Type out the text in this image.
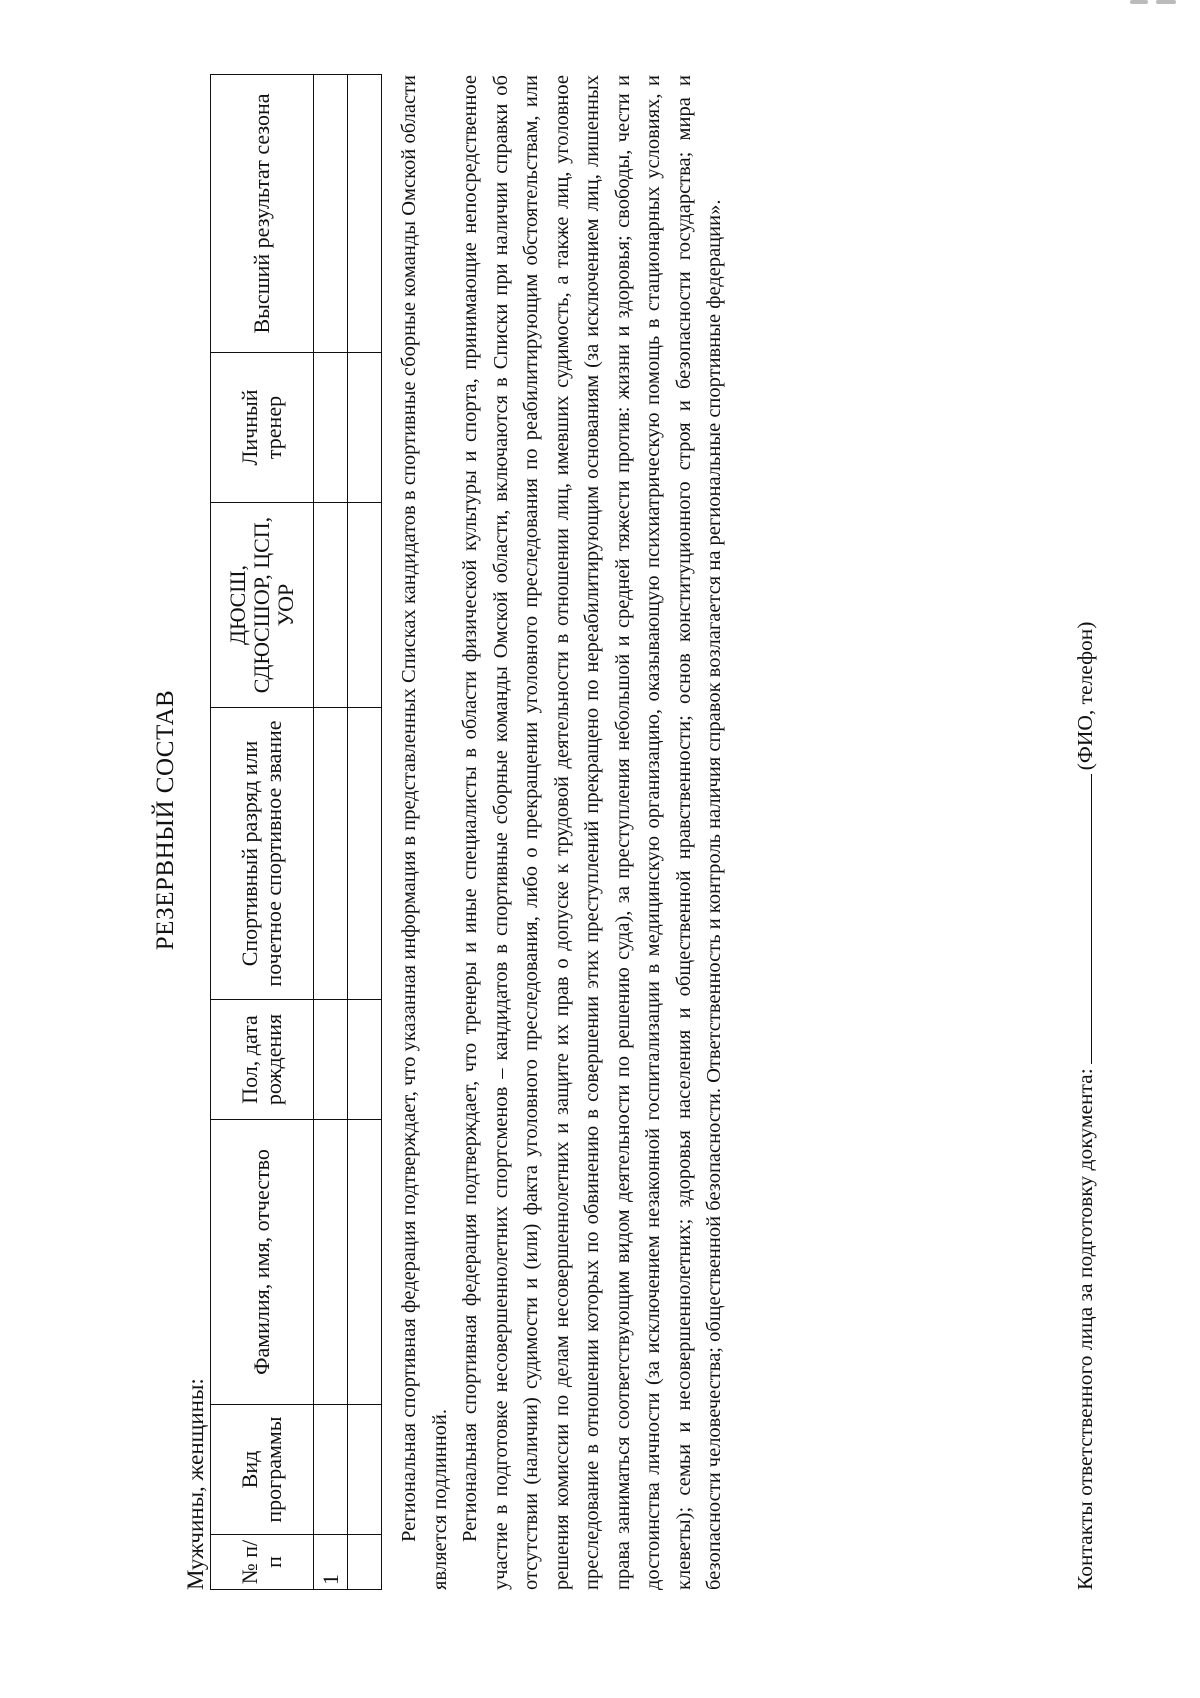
РЕЗЕРВНЫЙ СОСТАВ
Мужчины, женщины: № п/п	Вид программы	Фамилия, имя, отчество	Пол, дата рождения	Спортивный разряд или почетное спортивное звание	ДЮСШ, СДЮСШОР, ЦСП, УОР	Личный тренер	Высший результат сезона
1							

Региональная спортивная федерация подтверждает, что указанная информация в представленных Списках кандидатов в спортивные сборные команды Омской области является подлинной. Региональная спортивная федерация подтверждает, что тренеры и иные специалисты в области физической культуры и спорта, принимающие непосредственное участие в подготовке несовершеннолетних спортсменов – кандидатов в спортивные сборные команды Омской области, включаются в Списки при наличии справки об отсутствии (наличии) судимости и (или) факта уголовного преследования, либо о прекращении уголовного преследования по реабилитирующим обстоятельствам, или решения комиссии по делам несовершеннолетних и защите их прав о допуске к трудовой деятельности в отношении лиц, имевших судимость, а также лиц, уголовное преследование в отношении которых по обвинению в совершении этих преступлений прекращено по нереабилитирующим основаниям (за исключением лиц, лишенных права заниматься соответствующим видом деятельности по решению суда), за преступления небольшой и средней тяжести против: жизни и здоровья; свободы, чести и достоинства личности (за исключением незаконной госпитализации в медицинскую организацию, оказывающую психиатрическую помощь в стационарных условиях, и клеветы); семьи и несовершеннолетних; здоровья населения и общественной нравственности; основ конституционного строя и безопасности государства; мира и безопасности человечества; общественной безопасности. Ответственность и контроль наличия справок возлагается на региональные спортивные федерации».	Контакты ответственного лица за подготовку документа:(ФИО, телефон)
